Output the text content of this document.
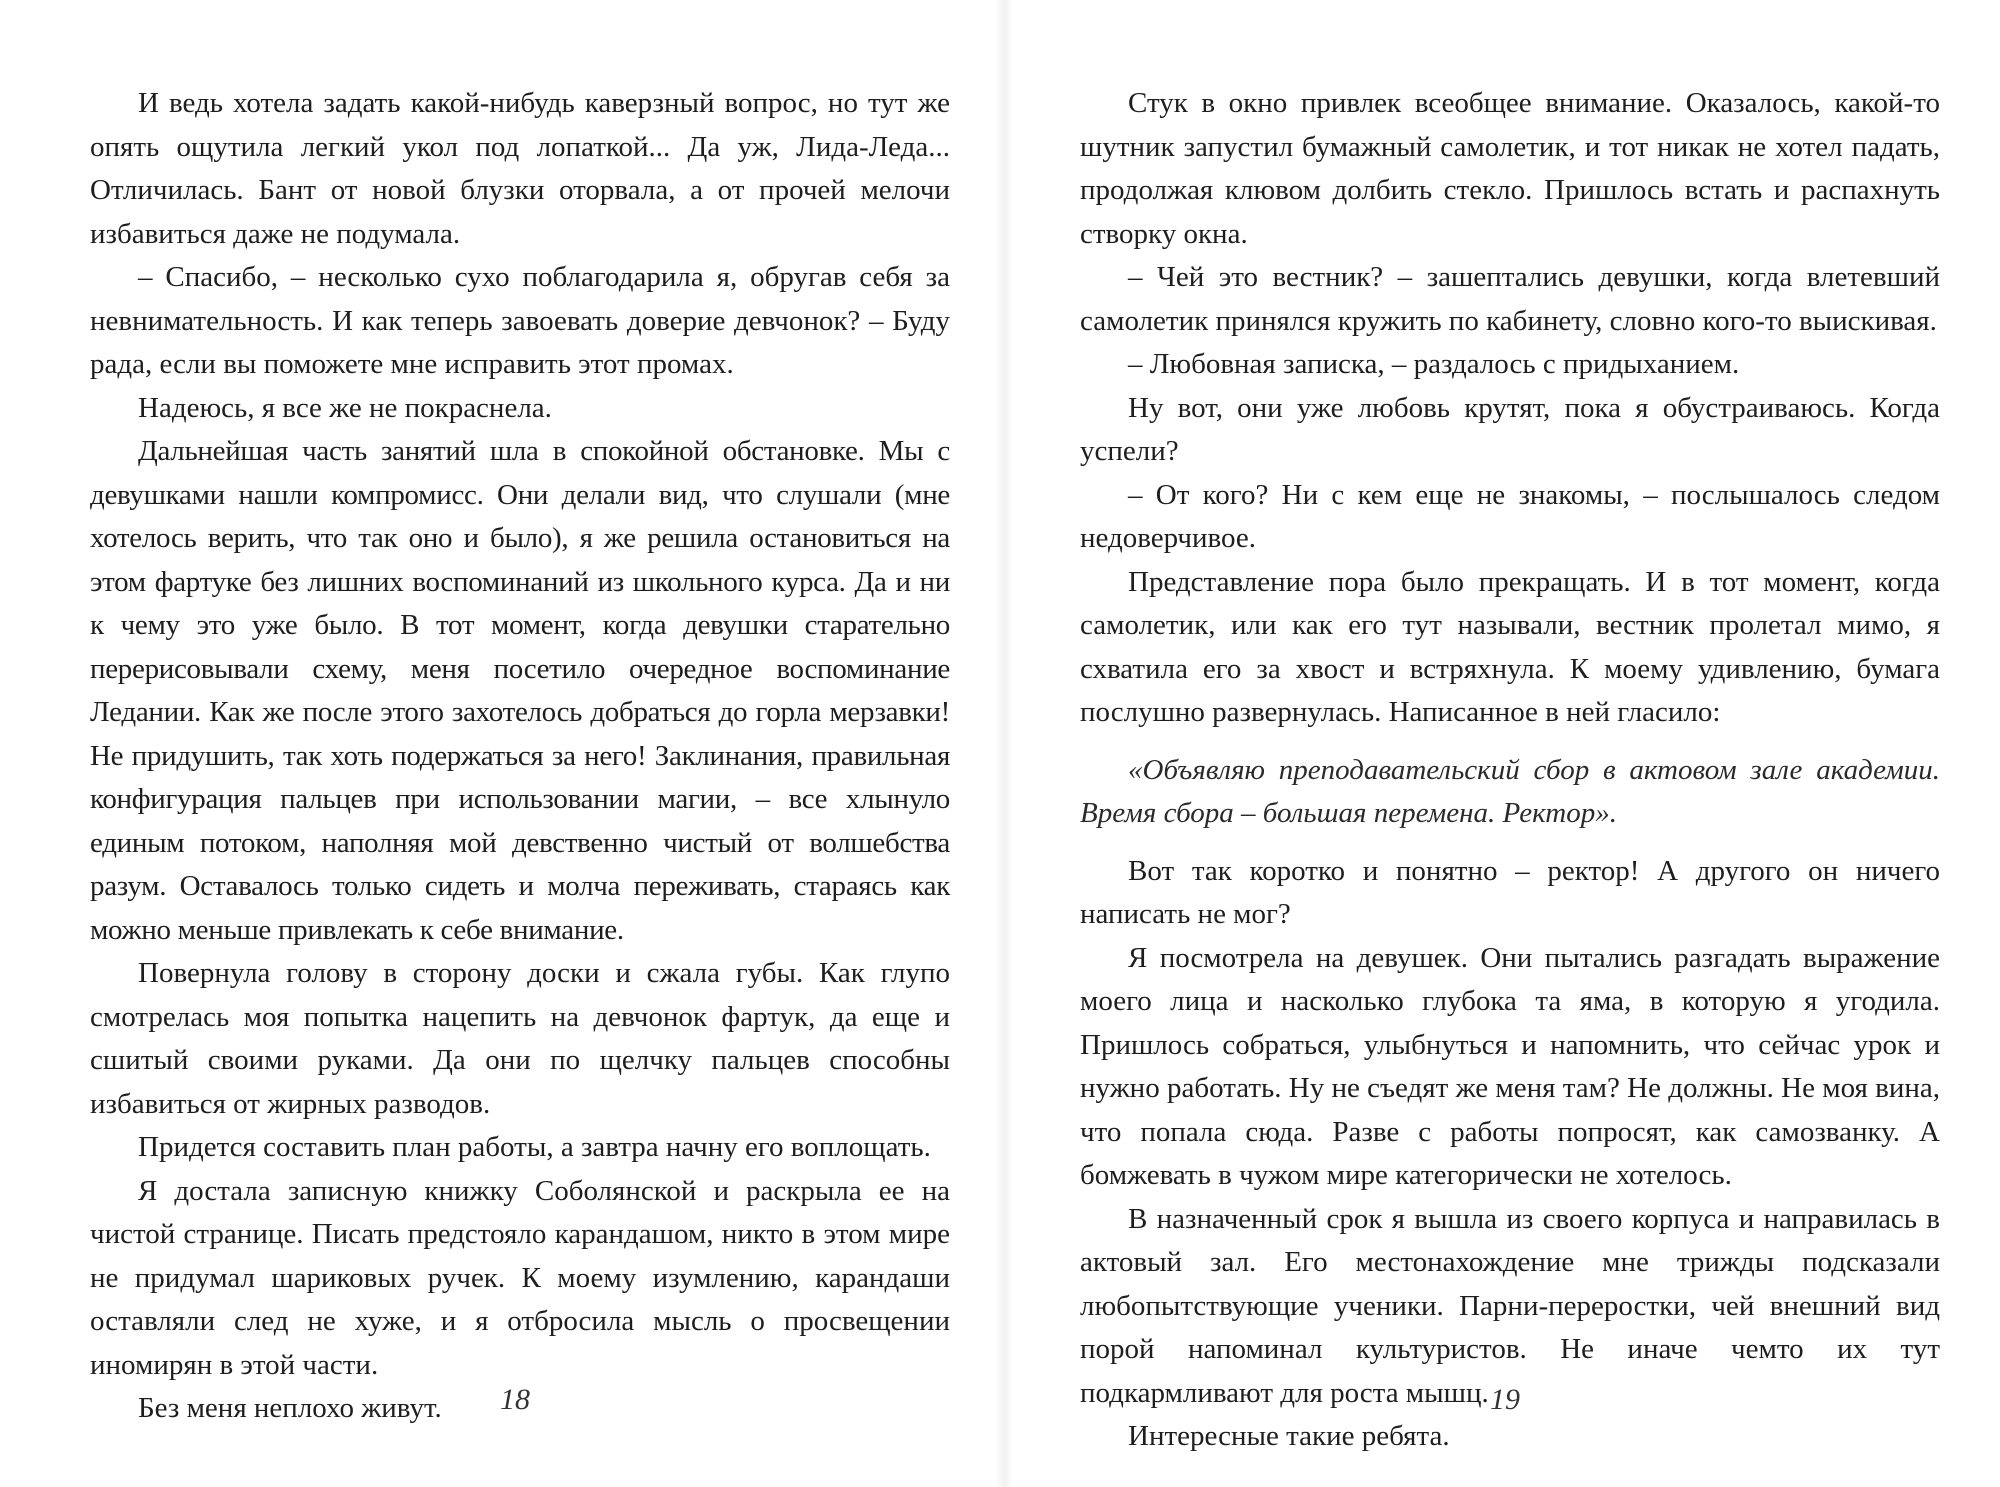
И ведь хотела задать какой-нибудь каверзный вопрос, но тут же опять ощутила легкий укол под лопаткой... Да уж, Лида-Леда... Отличилась. Бант от новой блузки оторвала, а от прочей мелочи избавиться даже не подумала.

– Спасибо, – несколько сухо поблагодарила я, обругав себя за невнимательность. И как теперь завоевать доверие девчонок? – Буду рада, если вы поможете мне исправить этот промах.

Надеюсь, я все же не покраснела.

Дальнейшая часть занятий шла в спокойной обстановке. Мы с девушками нашли компромисс. Они делали вид, что слушали (мне хотелось верить, что так оно и было), я же решила остановиться на этом фартуке без лишних воспоминаний из школьного курса. Да и ни к чему это уже было. В тот момент, когда девушки старательно перерисовывали схему, меня посетило очередное воспоминание Ледании. Как же после этого захотелось добраться до горла мерзавки! Не придушить, так хоть подержаться за него! Заклинания, правильная конфигурация пальцев при использовании магии, – все хлынуло единым потоком, наполняя мой девственно чистый от волшебства разум. Оставалось только сидеть и молча переживать, стараясь как можно меньше привлекать к себе внимание.

Повернула голову в сторону доски и сжала губы. Как глупо смотрелась моя попытка нацепить на девчонок фартук, да еще и сшитый своими руками. Да они по щелчку пальцев способны избавиться от жирных разводов.

Придется составить план работы, а завтра начну его воплощать.

Я достала записную книжку Соболянской и раскрыла ее на чистой странице. Писать предстояло карандашом, никто в этом мире не придумал шариковых ручек. К моему изумлению, карандаши оставляли след не хуже, и я отбросила мысль о просвещении иномирян в этой части.

Без меня неплохо живут.	18

Стук в окно привлек всеобщее внимание. Оказалось, какой-то шутник запустил бумажный самолетик, и тот никак не хотел падать, продолжая клювом долбить стекло. Пришлось встать и распахнуть створку окна.

– Чей это вестник? – зашептались девушки, когда влетевший самолетик принялся кружить по кабинету, словно кого-то выискивая.

– Любовная записка, – раздалось с придыханием.

Ну вот, они уже любовь крутят, пока я обустраиваюсь. Когда успели?

– От кого? Ни с кем еще не знакомы, – послышалось следом недоверчивое.

Представление пора было прекращать. И в тот момент, когда самолетик, или как его тут называли, вестник пролетал мимо, я схватила его за хвост и встряхнула. К моему удивлению, бумага послушно развернулась. Написанное в ней гласило:

«Объявляю преподавательский сбор в актовом зале академии. Время сбора – большая перемена. Ректор».

Вот так коротко и понятно – ректор! А другого он ничего написать не мог?

Я посмотрела на девушек. Они пытались разгадать выражение моего лица и насколько глубока та яма, в которую я угодила. Пришлось собраться, улыбнуться и напомнить, что сейчас урок и нужно работать. Ну не съедят же меня там? Не должны. Не моя вина, что попала сюда. Разве с работы попросят, как самозванку. А бомжевать в чужом мире категорически не хотелось.

В назначенный срок я вышла из своего корпуса и направилась в актовый зал. Его местонахождение мне трижды подсказали любопытствующие ученики. Парни-переростки, чей внешний вид порой напоминал культуристов. Не иначе чемто их тут подкармливают для роста мышц.

Интересные такие ребята.

19
